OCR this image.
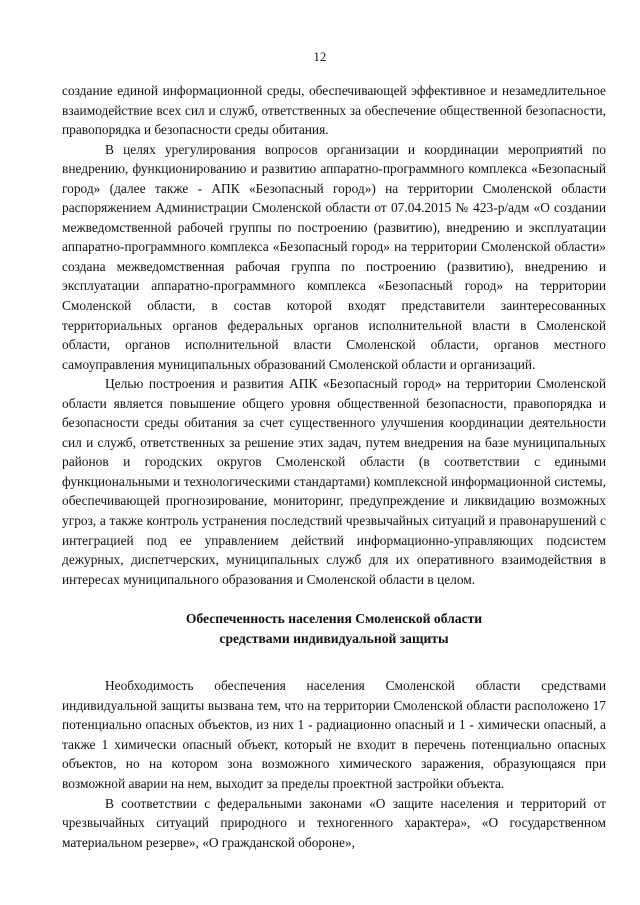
12

создание единой информационной среды, обеспечивающей эффективное и незамедлительное взаимодействие всех сил и служб, ответственных за обеспечение общественной безопасности, правопорядка и безопасности среды обитания.

В целях урегулирования вопросов организации и координации мероприятий по внедрению, функционированию и развитию аппаратно-программного комплекса «Безопасный город» (далее также - АПК «Безопасный город») на территории Смоленской области распоряжением Администрации Смоленской области от 07.04.2015 № 423-р/адм «О создании межведомственной рабочей группы по построению (развитию), внедрению и эксплуатации аппаратно-программного комплекса «Безопасный город» на территории Смоленской области» создана межведомственная рабочая группа по построению (развитию), внедрению и эксплуатации аппаратно-программного комплекса «Безопасный город» на территории Смоленской области, в состав которой входят представители заинтересованных территориальных органов федеральных органов исполнительной власти в Смоленской области, органов исполнительной власти Смоленской области, органов местного самоуправления муниципальных образований Смоленской области и организаций.

Целью построения и развития АПК «Безопасный город» на территории Смоленской области является повышение общего уровня общественной безопасности, правопорядка и безопасности среды обитания за счет существенного улучшения координации деятельности сил и служб, ответственных за решение этих задач, путем внедрения на базе муниципальных районов и городских округов Смоленской области (в соответствии с едиными функциональными и технологическими стандартами) комплексной информационной системы, обеспечивающей прогнозирование, мониторинг, предупреждение и ликвидацию возможных угроз, а также контроль устранения последствий чрезвычайных ситуаций и правонарушений с интеграцией под ее управлением действий информационно-управляющих подсистем дежурных, диспетчерских, муниципальных служб для их оперативного взаимодействия в интересах муниципального образования и Смоленской области в целом.

Обеспеченность населения Смоленской области
средствами индивидуальной защиты

Необходимость обеспечения населения Смоленской области средствами индивидуальной защиты вызвана тем, что на территории Смоленской области расположено 17 потенциально опасных объектов, из них 1 - радиационно опасный и 1 - химически опасный, а также 1 химически опасный объект, который не входит в перечень потенциально опасных объектов, но на котором зона возможного химического заражения, образующаяся при возможной аварии на нем, выходит за пределы проектной застройки объекта.

В соответствии с федеральными законами «О защите населения и территорий от чрезвычайных ситуаций природного и техногенного характера», «О государственном материальном резерве», «О гражданской обороне»,
